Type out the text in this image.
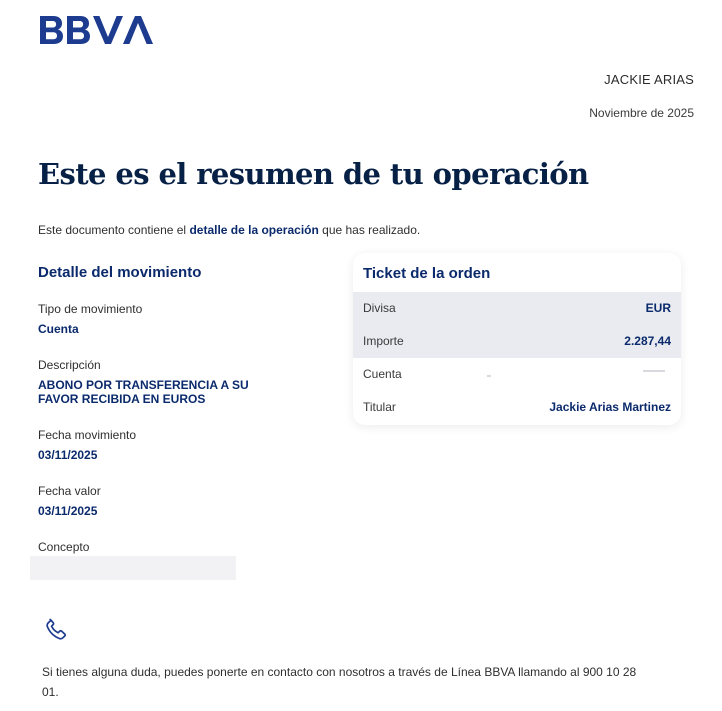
JACKIE ARIAS
Noviembre de 2025
Este es el resumen de tu operación
Este documento contiene el detalle de la operación que has realizado.
Detalle del movimiento
Tipo de movimiento
Cuenta
Descripción
ABONO POR TRANSFERENCIA A SU FAVOR RECIBIDA EN EUROS
Fecha movimiento
03/11/2025
Fecha valor
03/11/2025
Concepto
Ticket de la orden
Divisa	EUR
Importe	2.287,44
Cuenta
Titular	Jackie Arias Martinez
Si tienes alguna duda, puedes ponerte en contacto con nosotros a través de Línea BBVA llamando al 900 10 28 01.
